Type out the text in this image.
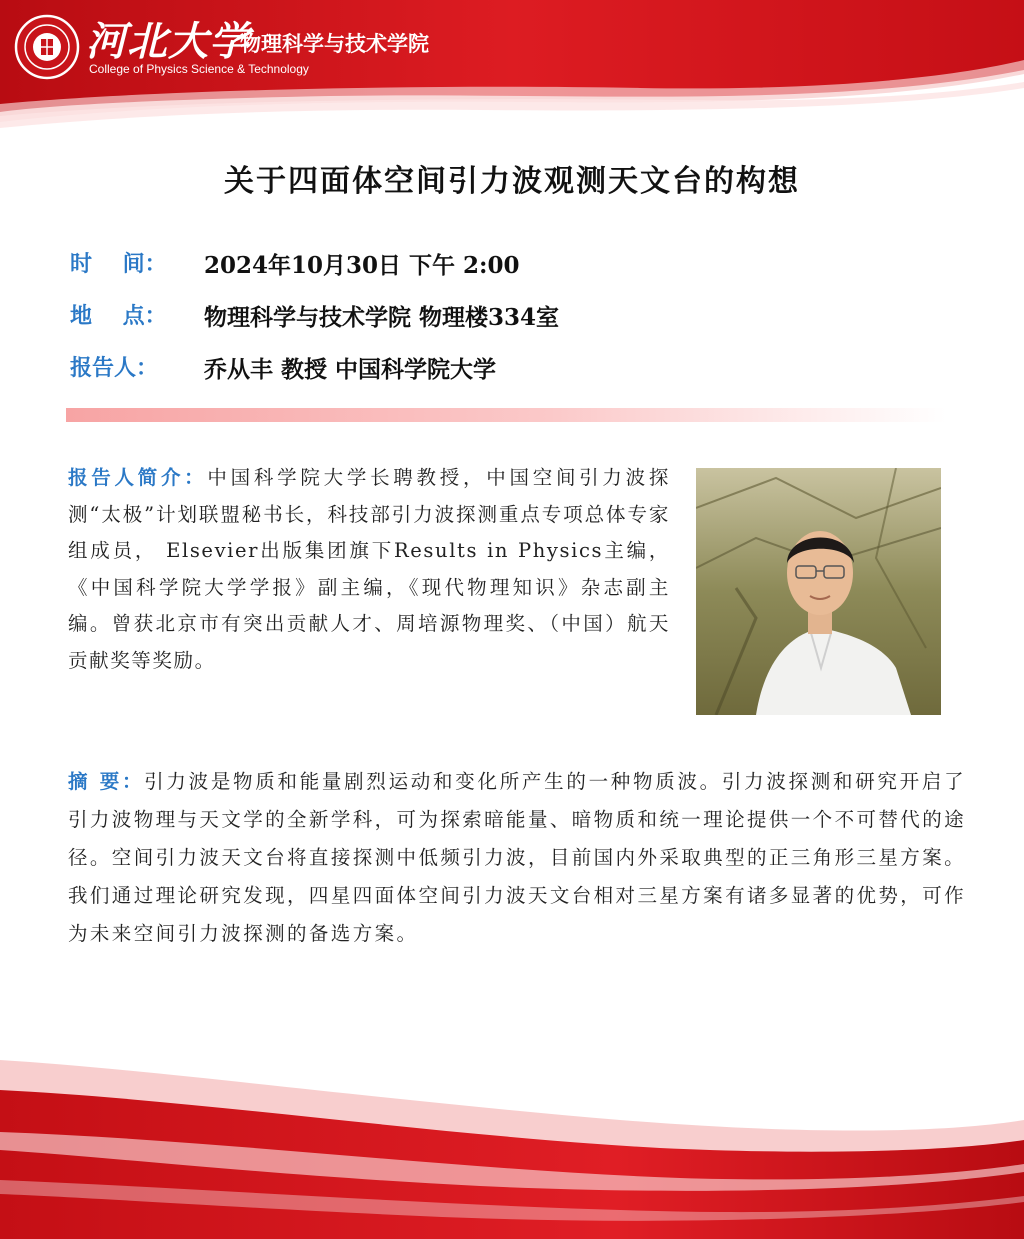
河北大学
物理科学与技术学院
College of Physics Science & Technology
关于四面体空间引力波观测天文台的构想
时    间：	2024年10月30日 下午 2:00
地    点：	物理科学与技术学院 物理楼334室
报告人：	乔从丰 教授 中国科学院大学
报告人简介：中国科学院大学长聘教授，中国空间引力波探测“太极”计划联盟秘书长，科技部引力波探测重点专项总体专家组成员， Elsevier出版集团旗下Results in Physics主编，《中国科学院大学学报》副主编，《现代物理知识》杂志副主编。曾获北京市有突出贡献人才、周培源物理奖、（中国）航天贡献奖等奖励。
摘 要：引力波是物质和能量剧烈运动和变化所产生的一种物质波。引力波探测和研究开启了引力波物理与天文学的全新学科，可为探索暗能量、暗物质和统一理论提供一个不可替代的途径。空间引力波天文台将直接探测中低频引力波，目前国内外采取典型的正三角形三星方案。我们通过理论研究发现，四星四面体空间引力波天文台相对三星方案有诸多显著的优势，可作为未来空间引力波探测的备选方案。
